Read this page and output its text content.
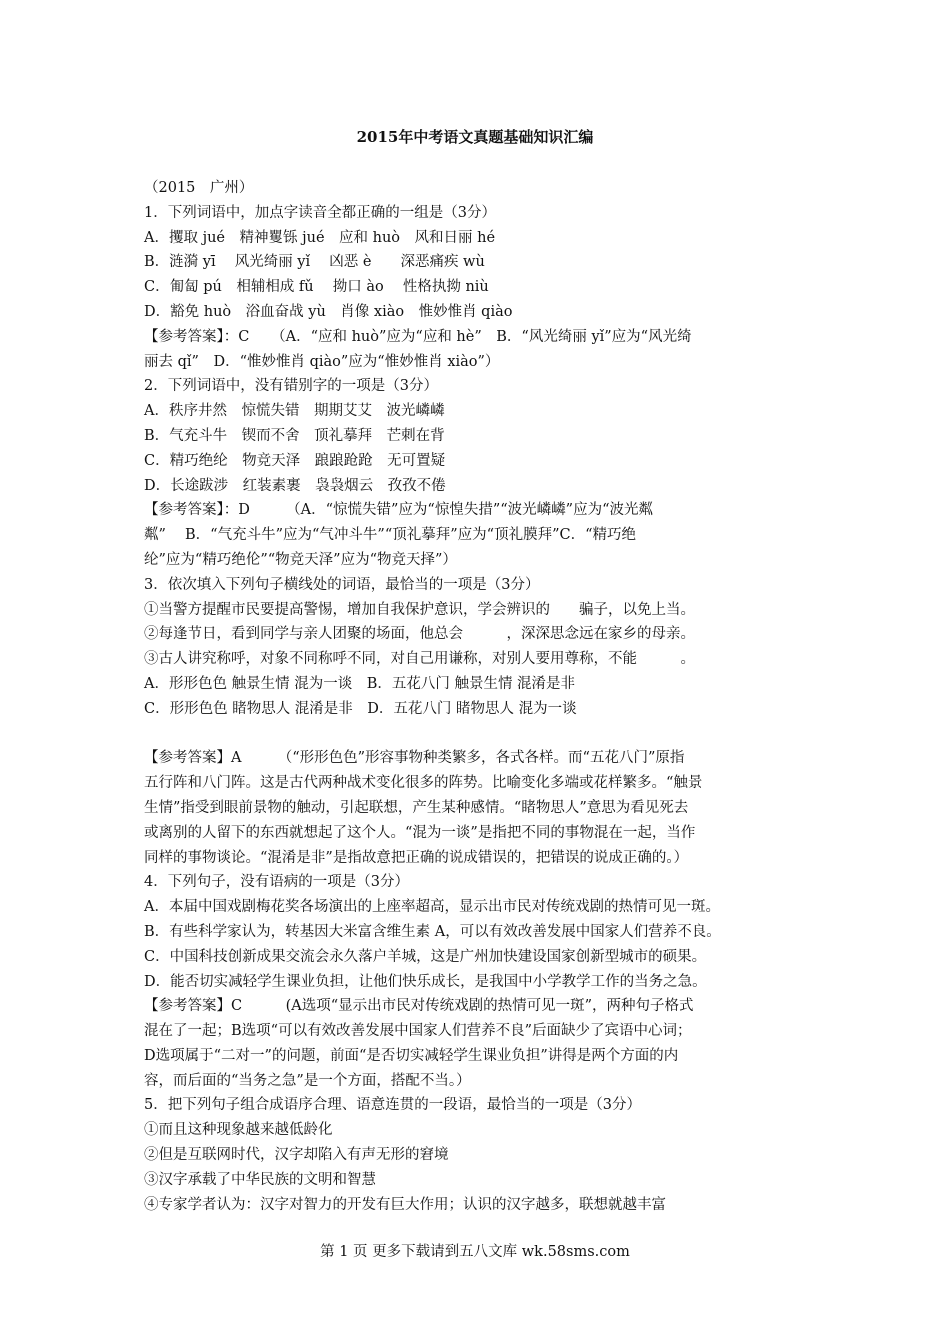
2015年中考语文真题基础知识汇编
（2015　广州）
1．下列词语中，加点字读音全都正确的一组是（3分）
A．攫取 jué　精神矍铄 jué　应和 huò　风和日丽 hé
B．涟漪 yī　 风光绮丽 yǐ　 凶恶 è　　深恶痛疾 wù
C．匍匐 pú　相辅相成 fǔ　 拗口 ào　 性格执拗 niù
D．豁免 huò　浴血奋战 yù　肖像 xiào　惟妙惟肖 qiào
【参考答案】：C　　（A．“应和 huò”应为“应和 hè”　B．“风光绮丽 yǐ”应为“风光绮
丽去 qǐ”　D．“惟妙惟肖 qiào”应为“惟妙惟肖 xiào”）
2．下列词语中，没有错别字的一项是（3分）
A．秩序井然　惊慌失错　期期艾艾　波光嶙嶙
B．气充斗牛　锲而不舍　顶礼摹拜　芒刺在背
C．精巧绝纶　物竞天泽　踉踉跄跄　无可置疑
D．长途跋涉　红装素裹　袅袅烟云　孜孜不倦
【参考答案】：D　　　（A．“惊慌失错”应为“惊惶失措”“波光嶙嶙”应为“波光粼
粼”　 B．“气充斗牛”应为“气冲斗牛”“顶礼摹拜”应为“顶礼膜拜”C．“精巧绝
纶”应为“精巧绝伦”“物竞天泽”应为“物竞天择”）
3．依次填入下列句子横线处的词语，最恰当的一项是（3分）
①当警方提醒市民要提高警惕，增加自我保护意识，学会辨识的　　骗子，以免上当。
②每逢节日，看到同学与亲人团聚的场面，他总会　　　，深深思念远在家乡的母亲。
③古人讲究称呼，对象不同称呼不同，对自己用谦称，对别人要用尊称，不能　　　。
A．形形色色 触景生情 混为一谈　B．五花八门 触景生情 混淆是非
C．形形色色 睹物思人 混淆是非　D．五花八门 睹物思人 混为一谈
【参考答案】A　　　（“形形色色”形容事物种类繁多，各式各样。而“五花八门”原指
五行阵和八门阵。这是古代两种战术变化很多的阵势。比喻变化多端或花样繁多。“触景
生情”指受到眼前景物的触动，引起联想，产生某种感情。“睹物思人”意思为看见死去
或离别的人留下的东西就想起了这个人。“混为一谈”是指把不同的事物混在一起，当作
同样的事物谈论。“混淆是非”是指故意把正确的说成错误的，把错误的说成正确的。）
4．下列句子，没有语病的一项是（3分）
A．本届中国戏剧梅花奖各场演出的上座率超高，显示出市民对传统戏剧的热情可见一斑。
B．有些科学家认为，转基因大米富含维生素 A，可以有效改善发展中国家人们营养不良。
C．中国科技创新成果交流会永久落户羊城，这是广州加快建设国家创新型城市的硕果。
D．能否切实减轻学生课业负担，让他们快乐成长，是我国中小学教学工作的当务之急。
【参考答案】C　　　(A选项“显示出市民对传统戏剧的热情可见一斑”，两种句子格式
混在了一起；B选项“可以有效改善发展中国家人们营养不良”后面缺少了宾语中心词；
D选项属于“二对一”的问题，前面“是否切实减轻学生课业负担”讲得是两个方面的内
容，而后面的“当务之急”是一个方面，搭配不当。）
5．把下列句子组合成语序合理、语意连贯的一段语，最恰当的一项是（3分）
①而且这种现象越来越低龄化
②但是互联网时代，汉字却陷入有声无形的窘境
③汉字承载了中华民族的文明和智慧
④专家学者认为：汉字对智力的开发有巨大作用；认识的汉字越多，联想就越丰富
第 1 页 更多下载请到五八文库 wk.58sms.com
